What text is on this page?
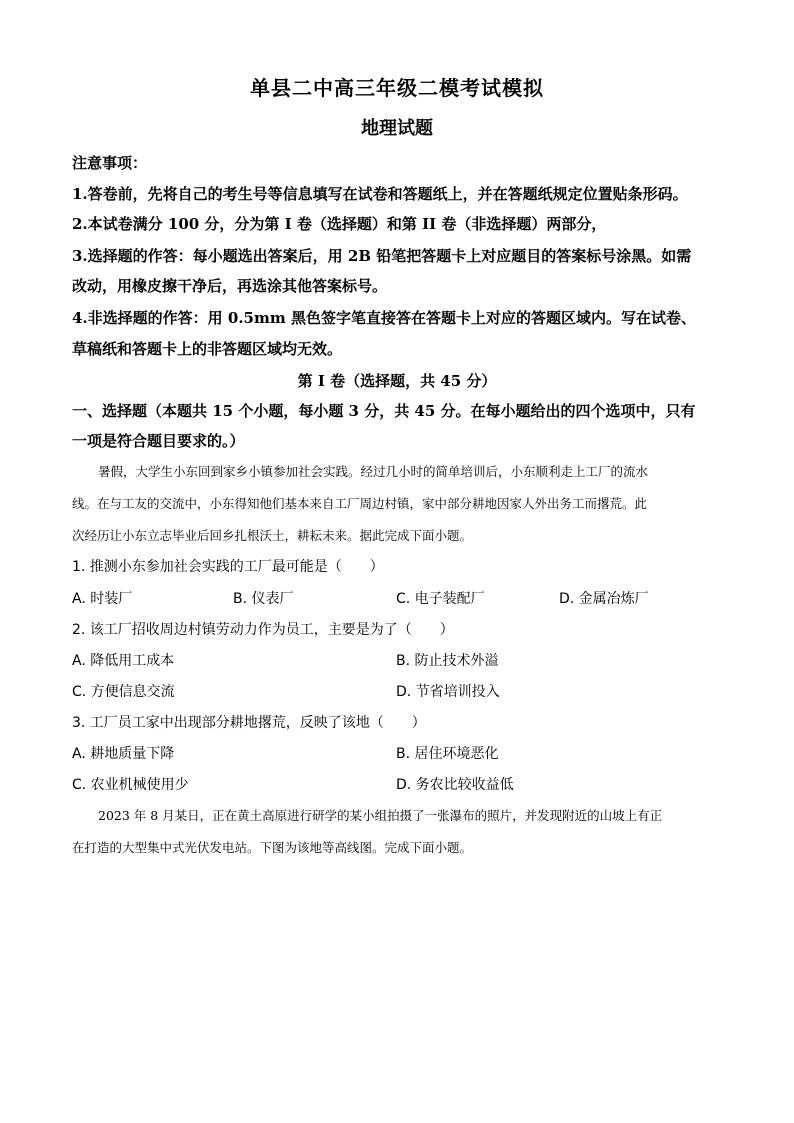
单县二中高三年级二模考试模拟
地理试题
注意事项：
1.答卷前，先将自己的考生号等信息填写在试卷和答题纸上，并在答题纸规定位置贴条形码。
2.本试卷满分 100 分，分为第 I 卷（选择题）和第 II 卷（非选择题）两部分，
3.选择题的作答：每小题选出答案后，用 2B 铅笔把答题卡上对应题目的答案标号涂黑。如需
改动，用橡皮擦干净后，再选涂其他答案标号。
4.非选择题的作答：用 0.5mm 黑色签字笔直接答在答题卡上对应的答题区域内。写在试卷、
草稿纸和答题卡上的非答题区域均无效。
第 I 卷（选择题，共 45 分）
一、选择题（本题共 15 个小题，每小题 3 分，共 45 分。在每小题给出的四个选项中，只有
一项是符合题目要求的。）
暑假，大学生小东回到家乡小镇参加社会实践。经过几小时的简单培训后，小东顺利走上工厂的流水
线。在与工友的交流中，小东得知他们基本来自工厂周边村镇，家中部分耕地因家人外出务工而撂荒。此
次经历让小东立志毕业后回乡扎根沃土，耕耘未来。据此完成下面小题。
1. 推测小东参加社会实践的工厂最可能是（　　）
A. 时装厂	B. 仪表厂	C. 电子装配厂	D. 金属冶炼厂
2. 该工厂招收周边村镇劳动力作为员工，主要是为了（　　）
A. 降低用工成本	B. 防止技术外溢
C. 方便信息交流	D. 节省培训投入
3. 工厂员工家中出现部分耕地撂荒，反映了该地（　　）
A. 耕地质量下降	B. 居住环境恶化
C. 农业机械使用少	D. 务农比较收益低
2023 年 8 月某日，正在黄土高原进行研学的某小组拍摄了一张瀑布的照片，并发现附近的山坡上有正
在打造的大型集中式光伏发电站。下图为该地等高线图。完成下面小题。
